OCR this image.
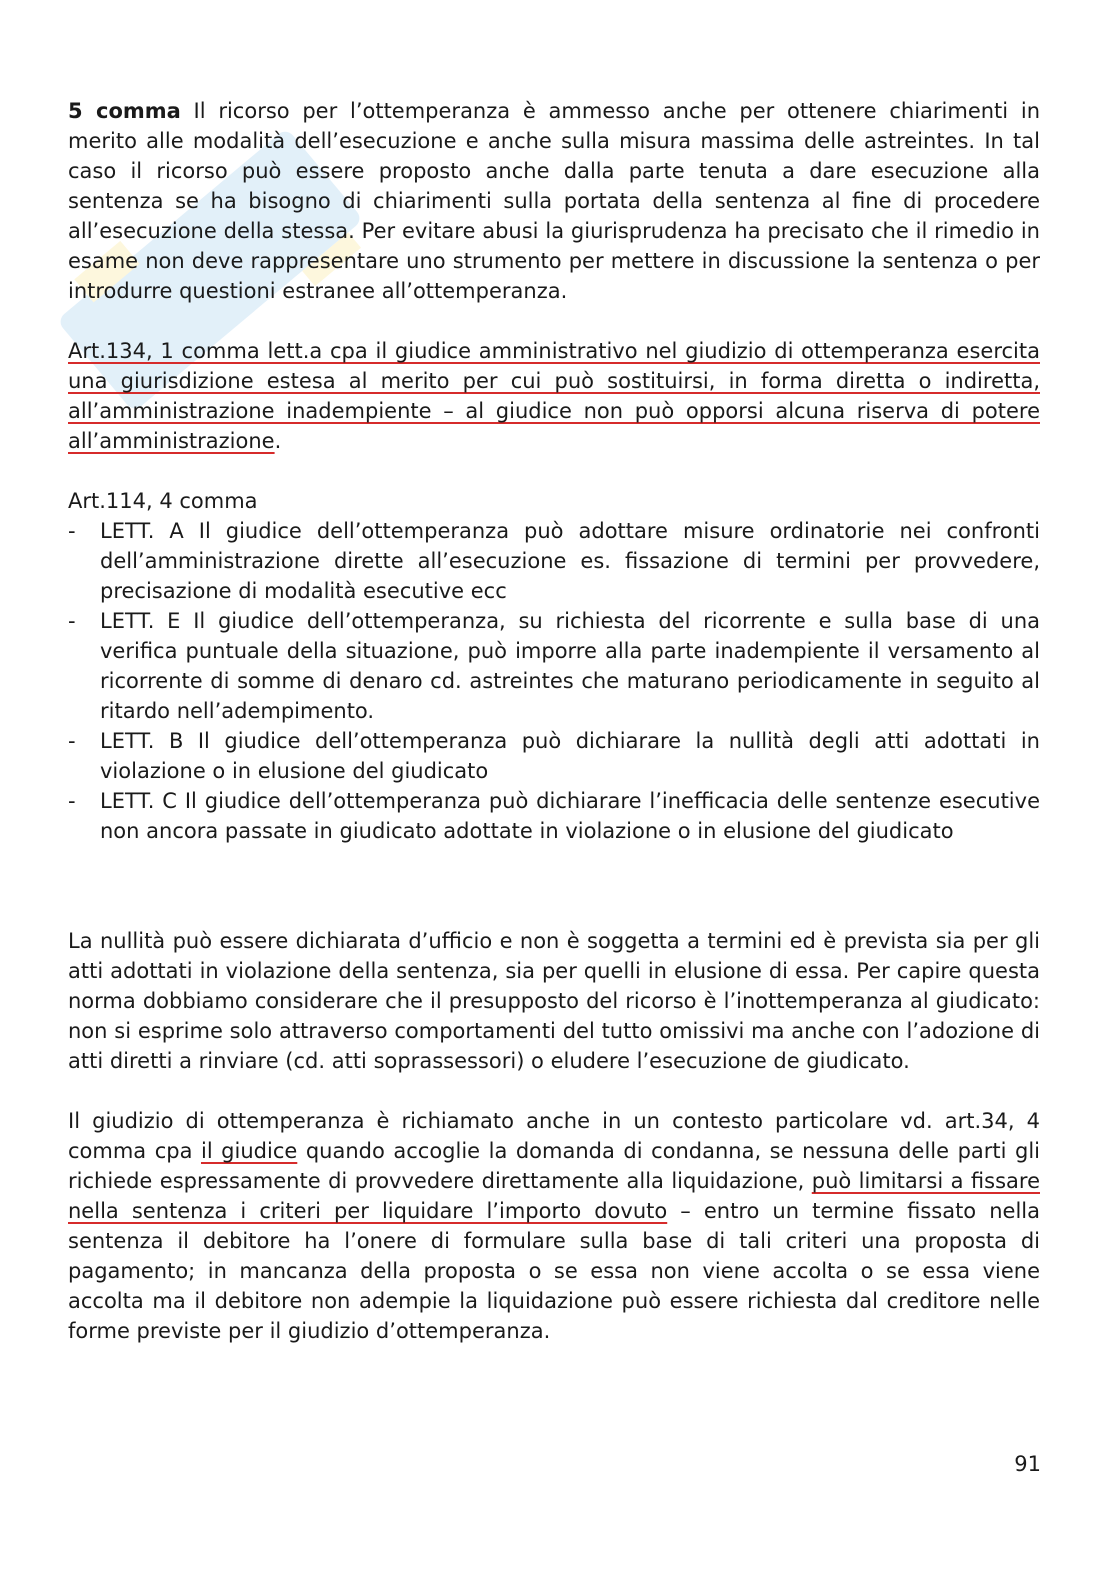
5 comma Il ricorso per l’ottemperanza è ammesso anche per ottenere chiarimenti in merito alle modalità dell’esecuzione e anche sulla misura massima delle astreintes. In tal caso il ricorso può essere proposto anche dalla parte tenuta a dare esecuzione alla sentenza se ha bisogno di chiarimenti sulla portata della sentenza al fine di procedere all’esecuzione della stessa. Per evitare abusi la giurisprudenza ha precisato che il rimedio in esame non deve rappresentare uno strumento per mettere in discussione la sentenza o per introdurre questioni estranee all’ottemperanza.

Art.134, 1 comma lett.a cpa il giudice amministrativo nel giudizio di ottemperanza esercita una giurisdizione estesa al merito per cui può sostituirsi, in forma diretta o indiretta, all’amministrazione inadempiente – al giudice non può opporsi alcuna riserva di potere all’amministrazione.

Art.114, 4 comma

- LETT. A Il giudice dell’ottemperanza può adottare misure ordinatorie nei confronti dell’amministrazione dirette all’esecuzione es. fissazione di termini per provvedere, precisazione di modalità esecutive ecc
- LETT. E Il giudice dell’ottemperanza, su richiesta del ricorrente e sulla base di una verifica puntuale della situazione, può imporre alla parte inadempiente il versamento al ricorrente di somme di denaro cd. astreintes che maturano periodicamente in seguito al ritardo nell’adempimento.
- LETT. B Il giudice dell’ottemperanza può dichiarare la nullità degli atti adottati in violazione o in elusione del giudicato
- LETT. C Il giudice dell’ottemperanza può dichiarare l’inefficacia delle sentenze esecutive non ancora passate in giudicato adottate in violazione o in elusione del giudicato

La nullità può essere dichiarata d’ufficio e non è soggetta a termini ed è prevista sia per gli atti adottati in violazione della sentenza, sia per quelli in elusione di essa. Per capire questa norma dobbiamo considerare che il presupposto del ricorso è l’inottemperanza al giudicato: non si esprime solo attraverso comportamenti del tutto omissivi ma anche con l’adozione di atti diretti a rinviare (cd. atti soprassessori) o eludere l’esecuzione de giudicato.

Il giudizio di ottemperanza è richiamato anche in un contesto particolare vd. art.34, 4 comma cpa il giudice quando accoglie la domanda di condanna, se nessuna delle parti gli richiede espressamente di provvedere direttamente alla liquidazione, può limitarsi a fissare nella sentenza i criteri per liquidare l’importo dovuto – entro un termine fissato nella sentenza il debitore ha l’onere di formulare sulla base di tali criteri una proposta di pagamento; in mancanza della proposta o se essa non viene accolta o se essa viene accolta ma il debitore non adempie la liquidazione può essere richiesta dal creditore nelle forme previste per il giudizio d’ottemperanza.

91
